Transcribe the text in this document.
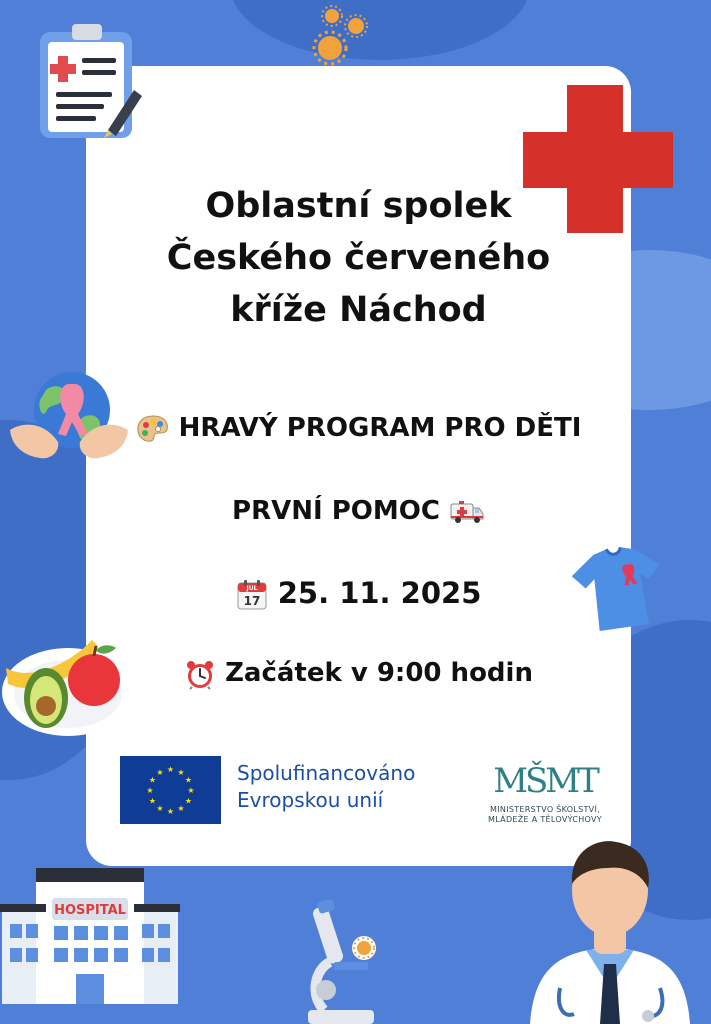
Oblastní spolek
Českého červeného
kříže Náchod
HRAVÝ PROGRAM PRO DĚTI
PRVNÍ POMOC
JUL
17 25. 11. 2025
Začátek v 9:00 hodin
★ ★
★
★
★
★
★
★
★
★
★
★	Spolufinancováno
Evropskou unií	MŠMT
MINISTERSTVO ŠKOLSTVÍ,
MLÁDEŽE A TĚLOVÝCHOVY
HOSPITAL
